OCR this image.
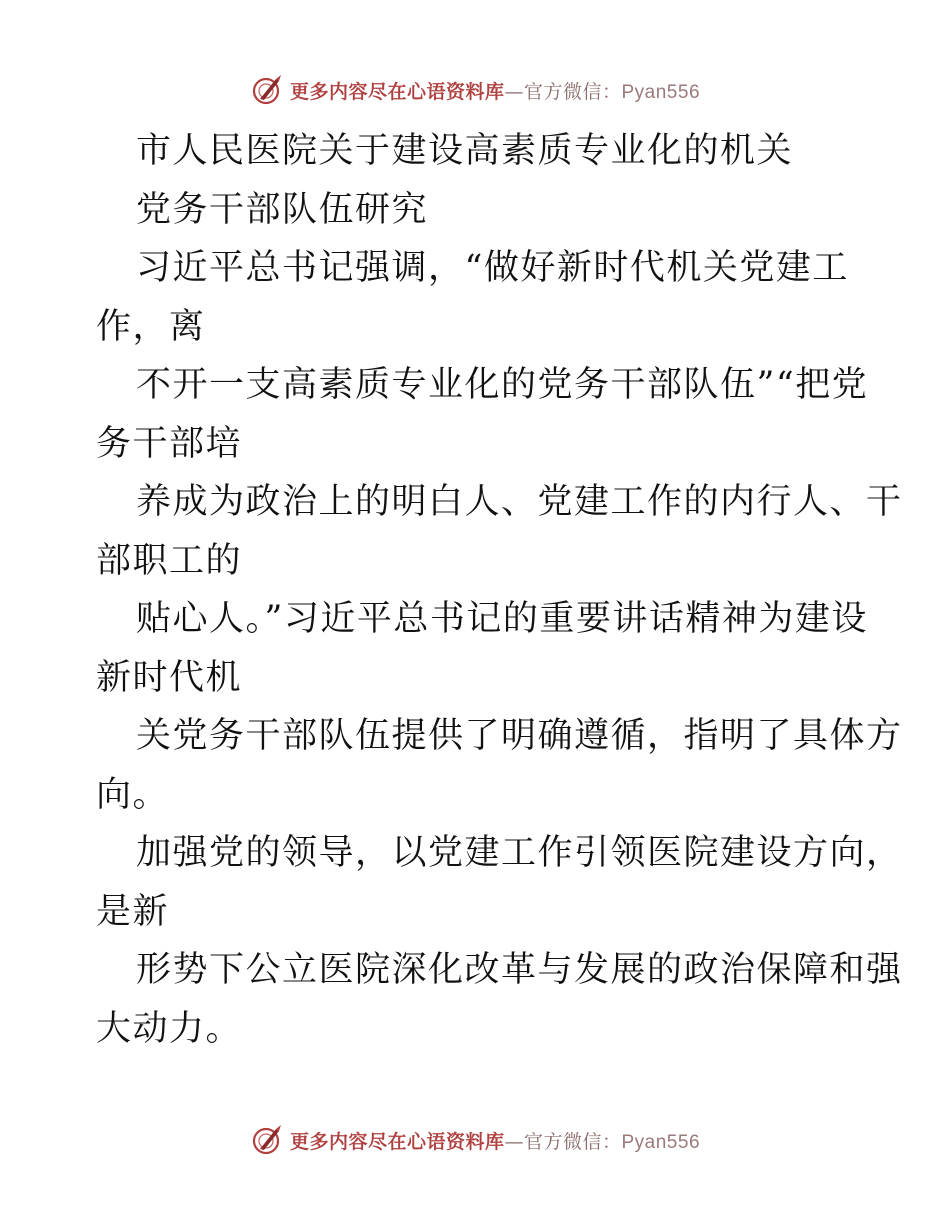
更多内容尽在心语资料库—官方微信：Pyan556
市人民医院关于建设高素质专业化的机关
党务干部队伍研究
习近平总书记强调，“做好新时代机关党建工
作，离
不开一支高素质专业化的党务干部队伍”“把党
务干部培
养成为政治上的明白人、党建工作的内行人、干
部职工的
贴心人。”习近平总书记的重要讲话精神为建设
新时代机
关党务干部队伍提供了明确遵循，指明了具体方
向。
加强党的领导，以党建工作引领医院建设方向，
是新
形势下公立医院深化改革与发展的政治保障和强
大动力。
更多内容尽在心语资料库—官方微信：Pyan556
